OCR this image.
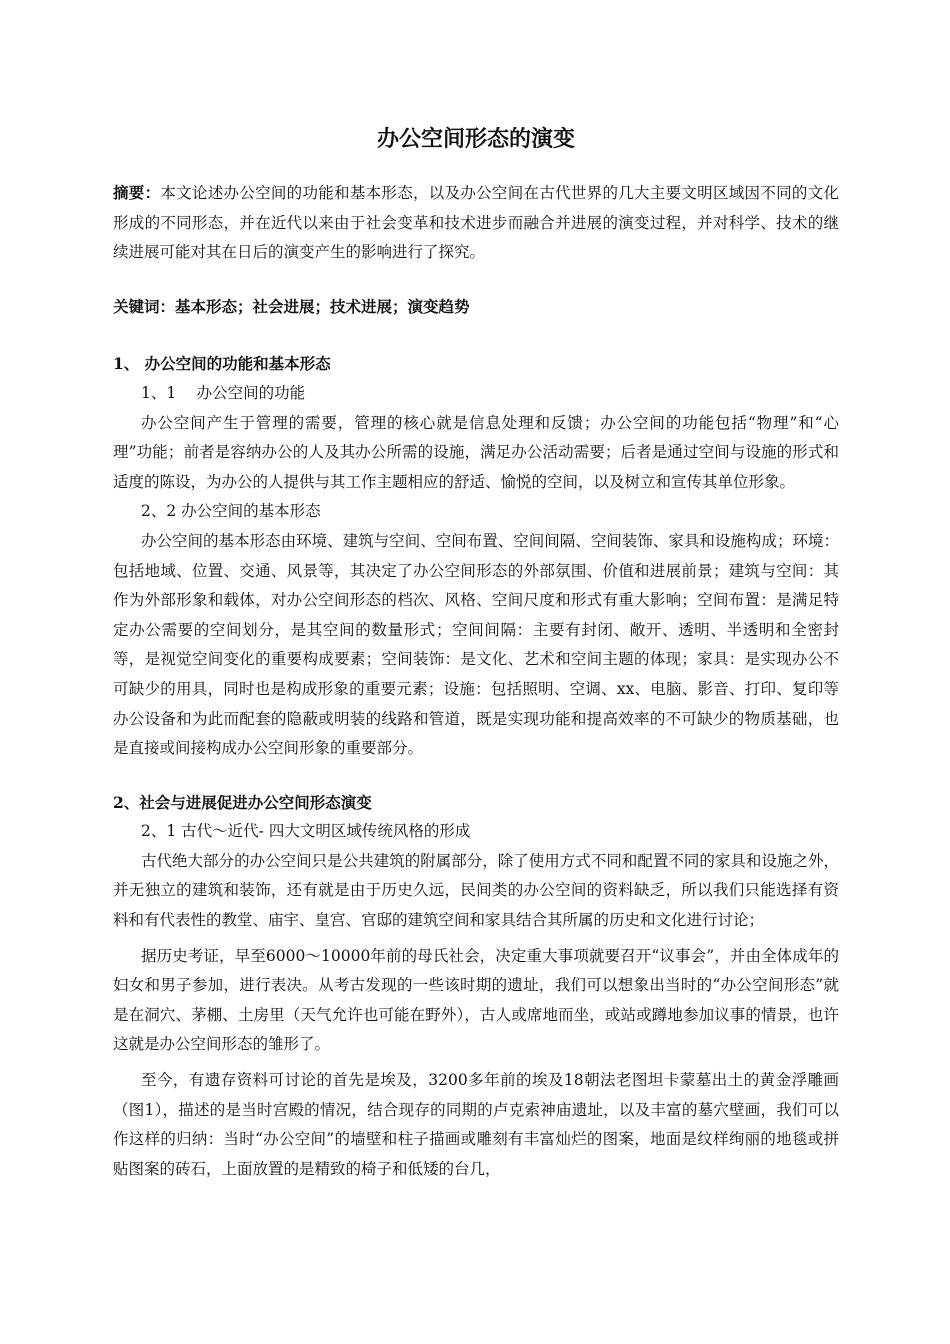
办公空间形态的演变

摘要：本文论述办公空间的功能和基本形态，以及办公空间在古代世界的几大主要文明区域因不同的文化形成的不同形态，并在近代以来由于社会变革和技术进步而融合并进展的演变过程，并对科学、技术的继续进展可能对其在日后的演变产生的影响进行了探究。

关键词：基本形态；社会进展；技术进展；演变趋势

1、 办公空间的功能和基本形态

1、1　 办公空间的功能

办公空间产生于管理的需要，管理的核心就是信息处理和反馈；办公空间的功能包括“物理”和“心理”功能；前者是容纳办公的人及其办公所需的设施，满足办公活动需要；后者是通过空间与设施的形式和适度的陈设，为办公的人提供与其工作主题相应的舒适、愉悦的空间，以及树立和宣传其单位形象。

2、2 办公空间的基本形态

办公空间的基本形态由环境、建筑与空间、空间布置、空间间隔、空间装饰、家具和设施构成；环境：包括地域、位置、交通、风景等，其决定了办公空间形态的外部氛围、价值和进展前景；建筑与空间：其作为外部形象和载体，对办公空间形态的档次、风格、空间尺度和形式有重大影响；空间布置：是满足特定办公需要的空间划分，是其空间的数量形式；空间间隔：主要有封闭、敞开、透明、半透明和全密封等，是视觉空间变化的重要构成要素；空间装饰：是文化、艺术和空间主题的体现；家具：是实现办公不可缺少的用具，同时也是构成形象的重要元素；设施：包括照明、空调、xx、电脑、影音、打印、复印等办公设备和为此而配套的隐蔽或明装的线路和管道，既是实现功能和提高效率的不可缺少的物质基础，也是直接或间接构成办公空间形象的重要部分。

2、社会与进展促进办公空间形态演变

2、1 古代～近代- 四大文明区域传统风格的形成

古代绝大部分的办公空间只是公共建筑的附属部分，除了使用方式不同和配置不同的家具和设施之外，并无独立的建筑和装饰，还有就是由于历史久远，民间类的办公空间的资料缺乏，所以我们只能选择有资料和有代表性的教堂、庙宇、皇宫、官邸的建筑空间和家具结合其所属的历史和文化进行讨论；

据历史考证，早至6000～10000年前的母氏社会，决定重大事项就要召开“议事会”，并由全体成年的妇女和男子参加，进行表决。从考古发现的一些该时期的遗址，我们可以想象出当时的“办公空间形态”就是在洞穴、茅棚、土房里（天气允许也可能在野外），古人或席地而坐，或站或蹲地参加议事的情景，也许这就是办公空间形态的雏形了。

至今，有遗存资料可讨论的首先是埃及，3200多年前的埃及18朝法老图坦卡蒙墓出土的黄金浮雕画（图1），描述的是当时宫殿的情况，结合现存的同期的卢克索神庙遗址，以及丰富的墓穴壁画，我们可以作这样的归纳：当时“办公空间”的墙壁和柱子描画或雕刻有丰富灿烂的图案，地面是纹样绚丽的地毯或拼贴图案的砖石，上面放置的是精致的椅子和低矮的台几，
